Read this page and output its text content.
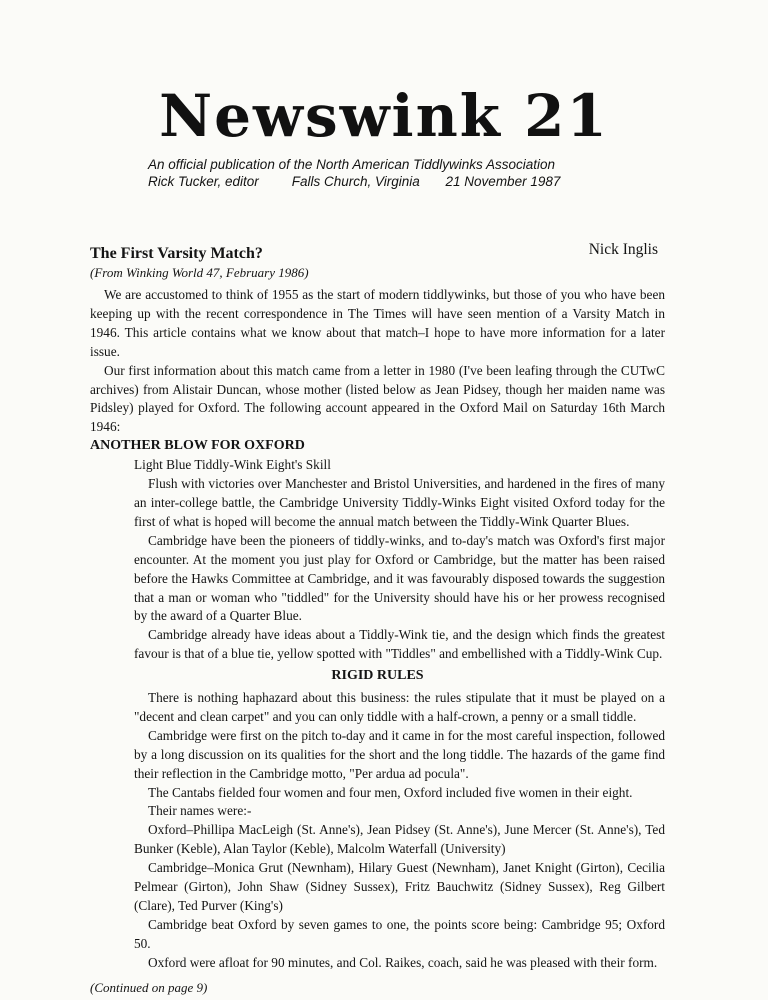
Newswink 21
An official publication of the North American Tiddlywinks Association
Rick Tucker, editor Falls Church, Virginia 21 November 1987
The First Varsity Match?	Nick Inglis
(From Winking World 47, February 1986)

We are accustomed to think of 1955 as the start of modern tiddlywinks, but those of you who have been keeping up with the recent correspondence in The Times will have seen mention of a Varsity Match in 1946. This article contains what we know about that match–I hope to have more information for a later issue.

Our first information about this match came from a letter in 1980 (I've been leafing through the CUTwC archives) from Alistair Duncan, whose mother (listed below as Jean Pidsey, though her maiden name was Pidsley) played for Oxford. The following account appeared in the Oxford Mail on Saturday 16th March 1946:

ANOTHER BLOW FOR OXFORD

Light Blue Tiddly-Wink Eight's Skill

Flush with victories over Manchester and Bristol Universities, and hardened in the fires of many an inter-college battle, the Cambridge University Tiddly-Winks Eight visited Oxford today for the first of what is hoped will become the annual match between the Tiddly-Wink Quarter Blues.

Cambridge have been the pioneers of tiddly-winks, and to-day's match was Oxford's first major encounter. At the moment you just play for Oxford or Cambridge, but the matter has been raised before the Hawks Committee at Cambridge, and it was favourably disposed towards the suggestion that a man or woman who "tiddled" for the University should have his or her prowess recognised by the award of a Quarter Blue.

Cambridge already have ideas about a Tiddly-Wink tie, and the design which finds the greatest favour is that of a blue tie, yellow spotted with "Tiddles" and embellished with a Tiddly-Wink Cup.

RIGID RULES

There is nothing haphazard about this business: the rules stipulate that it must be played on a "decent and clean carpet" and you can only tiddle with a half-crown, a penny or a small tiddle.

Cambridge were first on the pitch to-day and it came in for the most careful inspection, followed by a long discussion on its qualities for the short and the long tiddle. The hazards of the game find their reflection in the Cambridge motto, "Per ardua ad pocula".

The Cantabs fielded four women and four men, Oxford included five women in their eight.

Their names were:-

Oxford–Phillipa MacLeigh (St. Anne's), Jean Pidsey (St. Anne's), June Mercer (St. Anne's), Ted Bunker (Keble), Alan Taylor (Keble), Malcolm Waterfall (University)

Cambridge–Monica Grut (Newnham), Hilary Guest (Newnham), Janet Knight (Girton), Cecilia Pelmear (Girton), John Shaw (Sidney Sussex), Fritz Bauchwitz (Sidney Sussex), Reg Gilbert (Clare), Ted Purver (King's)

Cambridge beat Oxford by seven games to one, the points score being: Cambridge 95; Oxford 50.

Oxford were afloat for 90 minutes, and Col. Raikes, coach, said he was pleased with their form.

(Continued on page 9)
